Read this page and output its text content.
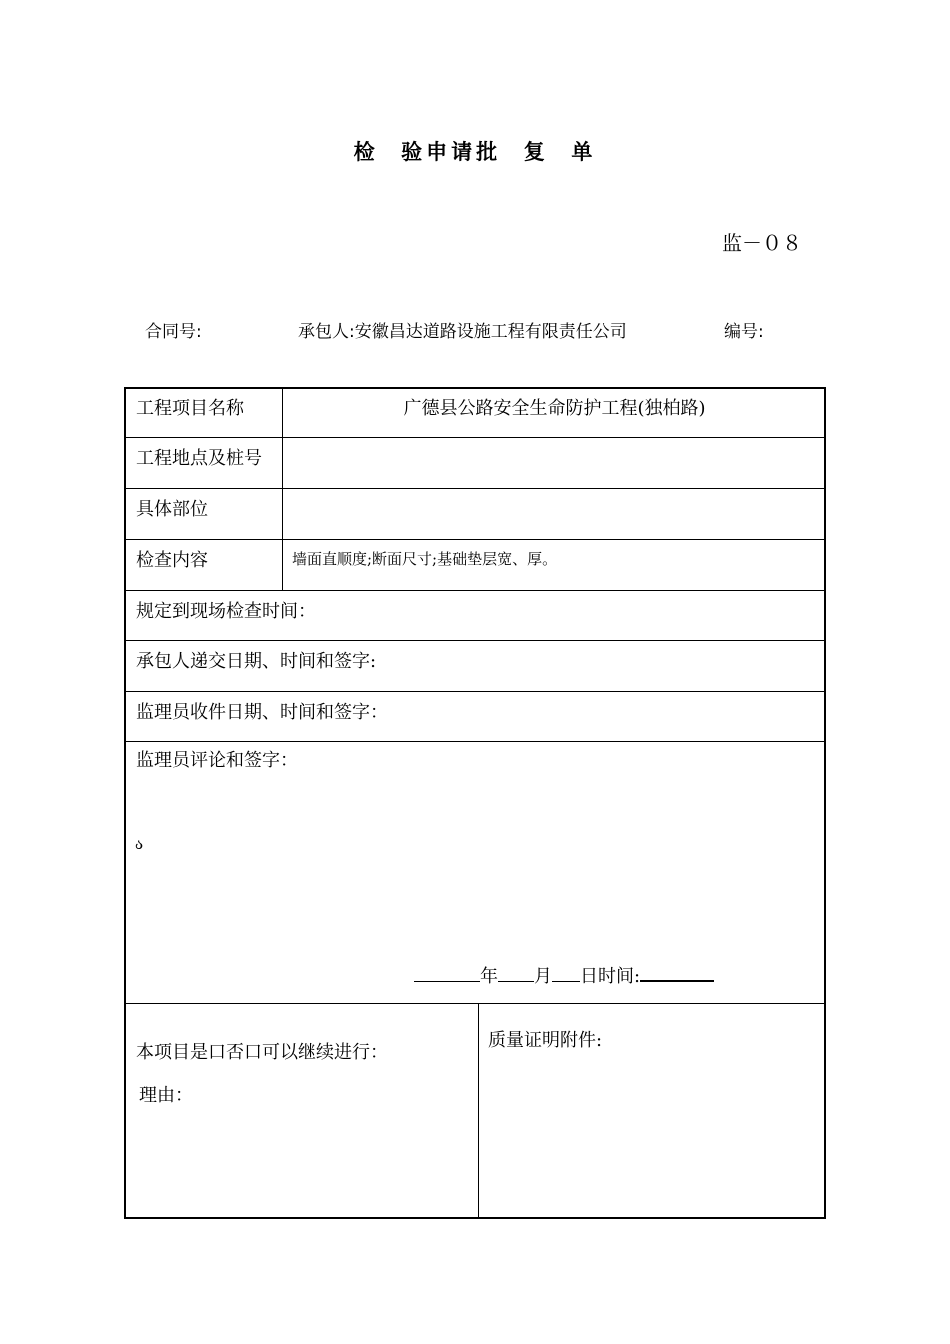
检  验申请批  复  单
监－０８
合同号:	承包人:安徽昌达道路设施工程有限责任公司	编号:
工程项目名称	广德县公路安全生命防护工程(独柏路)
工程地点及桩号
具体部位
检查内容	墙面直顺度;断面尺寸;基础垫层宽、厚。
规定到现场检查时间：
承包人递交日期、时间和签字:
监理员收件日期、时间和签字：
监理员评论和签字：
ა
年 月 日时间:
本项目是口否口可以继续进行：
理由：
质量证明附件:
